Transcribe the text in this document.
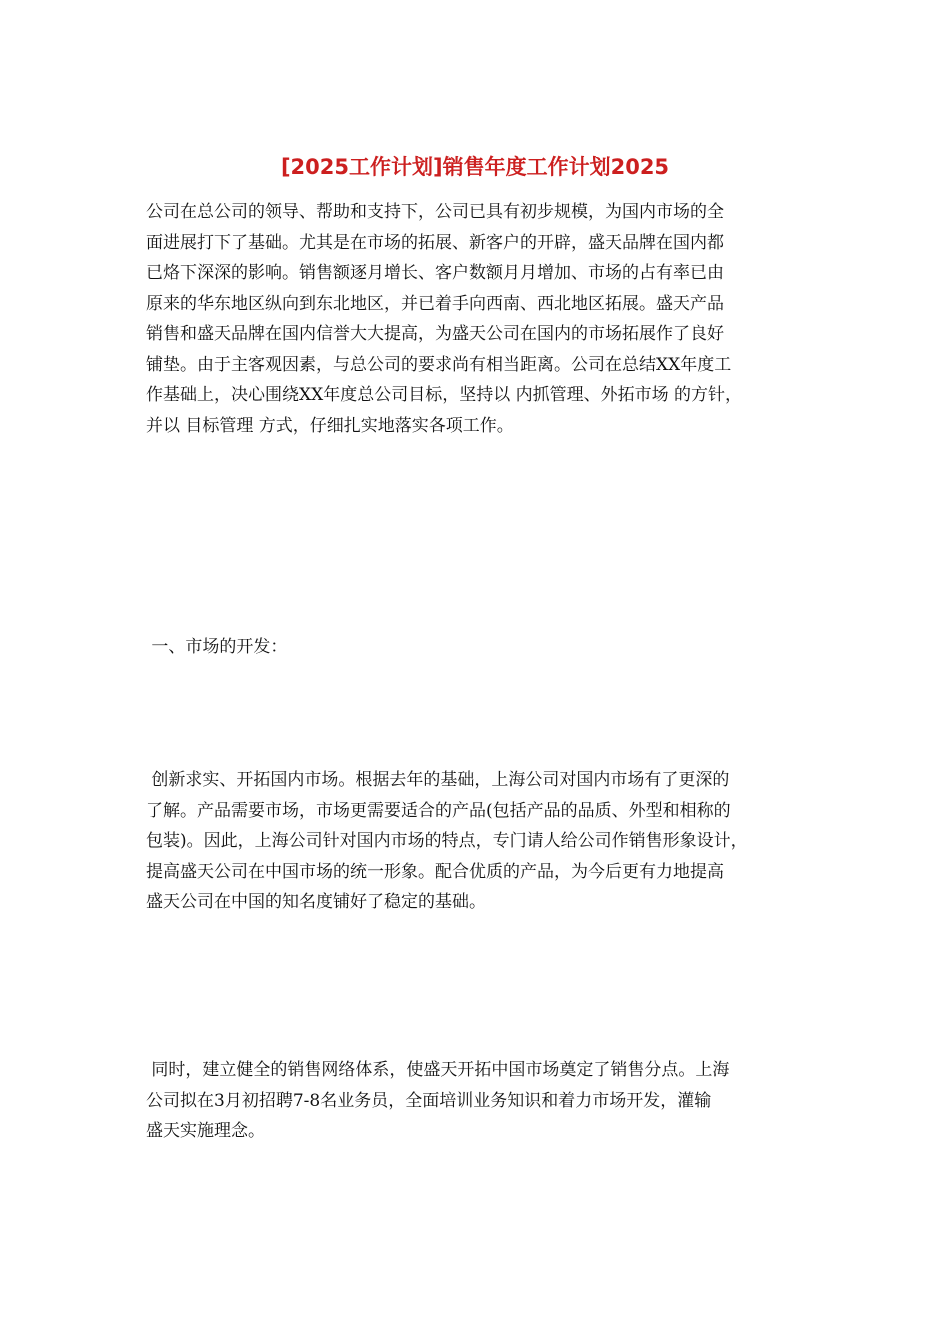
[2025工作计划]销售年度工作计划2025
公司在总公司的领导、帮助和支持下，公司已具有初步规模，为国内市场的全
面进展打下了基础。尤其是在市场的拓展、新客户的开辟，盛天品牌在国内都
已烙下深深的影响。销售额逐月增长、客户数额月月增加、市场的占有率已由
原来的华东地区纵向到东北地区，并已着手向西南、西北地区拓展。盛天产品
销售和盛天品牌在国内信誉大大提高，为盛天公司在国内的市场拓展作了良好
铺垫。由于主客观因素，与总公司的要求尚有相当距离。公司在总结XX年度工
作基础上，决心围绕XX年度总公司目标，坚持以 内抓管理、外拓市场 的方针，
并以 目标管理 方式，仔细扎实地落实各项工作。
一、市场的开发：
创新求实、开拓国内市场。根据去年的基础，上海公司对国内市场有了更深的
了解。产品需要市场，市场更需要适合的产品(包括产品的品质、外型和相称的
包装)。因此，上海公司针对国内市场的特点，专门请人给公司作销售形象设计，
提高盛天公司在中国市场的统一形象。配合优质的产品，为今后更有力地提高
盛天公司在中国的知名度铺好了稳定的基础。
同时，建立健全的销售网络体系，使盛天开拓中国市场奠定了销售分点。上海
公司拟在3月初招聘7-8名业务员，全面培训业务知识和着力市场开发，灌输
盛天实施理念。
